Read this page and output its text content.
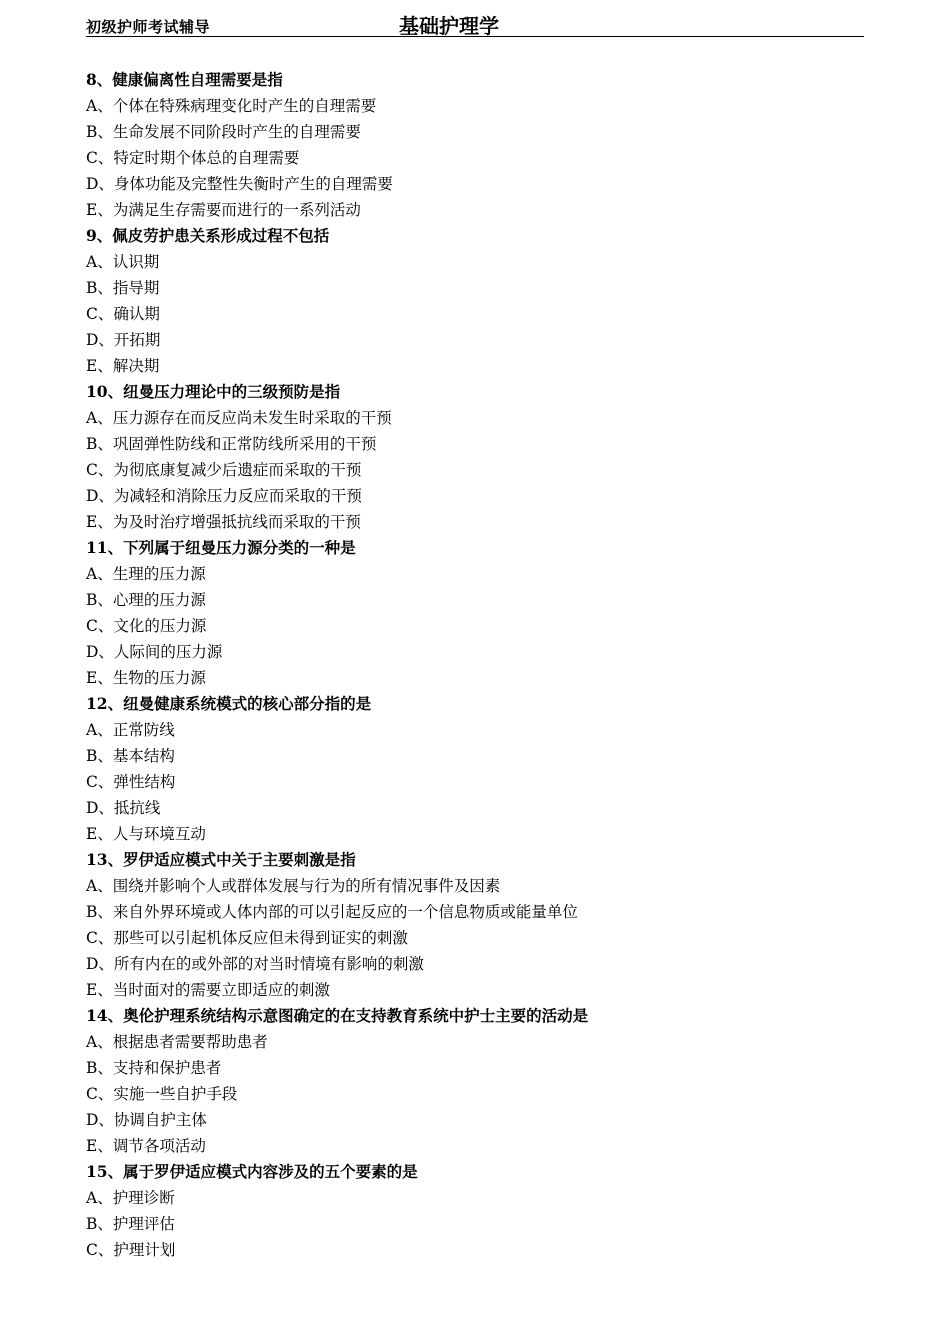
初级护师考试辅导	基础护理学
8、健康偏离性自理需要是指
A、个体在特殊病理变化时产生的自理需要
B、生命发展不同阶段时产生的自理需要
C、特定时期个体总的自理需要
D、身体功能及完整性失衡时产生的自理需要
E、为满足生存需要而进行的一系列活动
9、佩皮劳护患关系形成过程不包括
A、认识期
B、指导期
C、确认期
D、开拓期
E、解决期
10、纽曼压力理论中的三级预防是指
A、压力源存在而反应尚未发生时采取的干预
B、巩固弹性防线和正常防线所采用的干预
C、为彻底康复减少后遗症而采取的干预
D、为减轻和消除压力反应而采取的干预
E、为及时治疗增强抵抗线而采取的干预
11、下列属于纽曼压力源分类的一种是
A、生理的压力源
B、心理的压力源
C、文化的压力源
D、人际间的压力源
E、生物的压力源
12、纽曼健康系统模式的核心部分指的是
A、正常防线
B、基本结构
C、弹性结构
D、抵抗线
E、人与环境互动
13、罗伊适应模式中关于主要刺激是指
A、围绕并影响个人或群体发展与行为的所有情况事件及因素
B、来自外界环境或人体内部的可以引起反应的一个信息物质或能量单位
C、那些可以引起机体反应但未得到证实的刺激
D、所有内在的或外部的对当时情境有影响的刺激
E、当时面对的需要立即适应的刺激
14、奥伦护理系统结构示意图确定的在支持教育系统中护士主要的活动是
A、根据患者需要帮助患者
B、支持和保护患者
C、实施一些自护手段
D、协调自护主体
E、调节各项活动
15、属于罗伊适应模式内容涉及的五个要素的是
A、护理诊断
B、护理评估
C、护理计划
